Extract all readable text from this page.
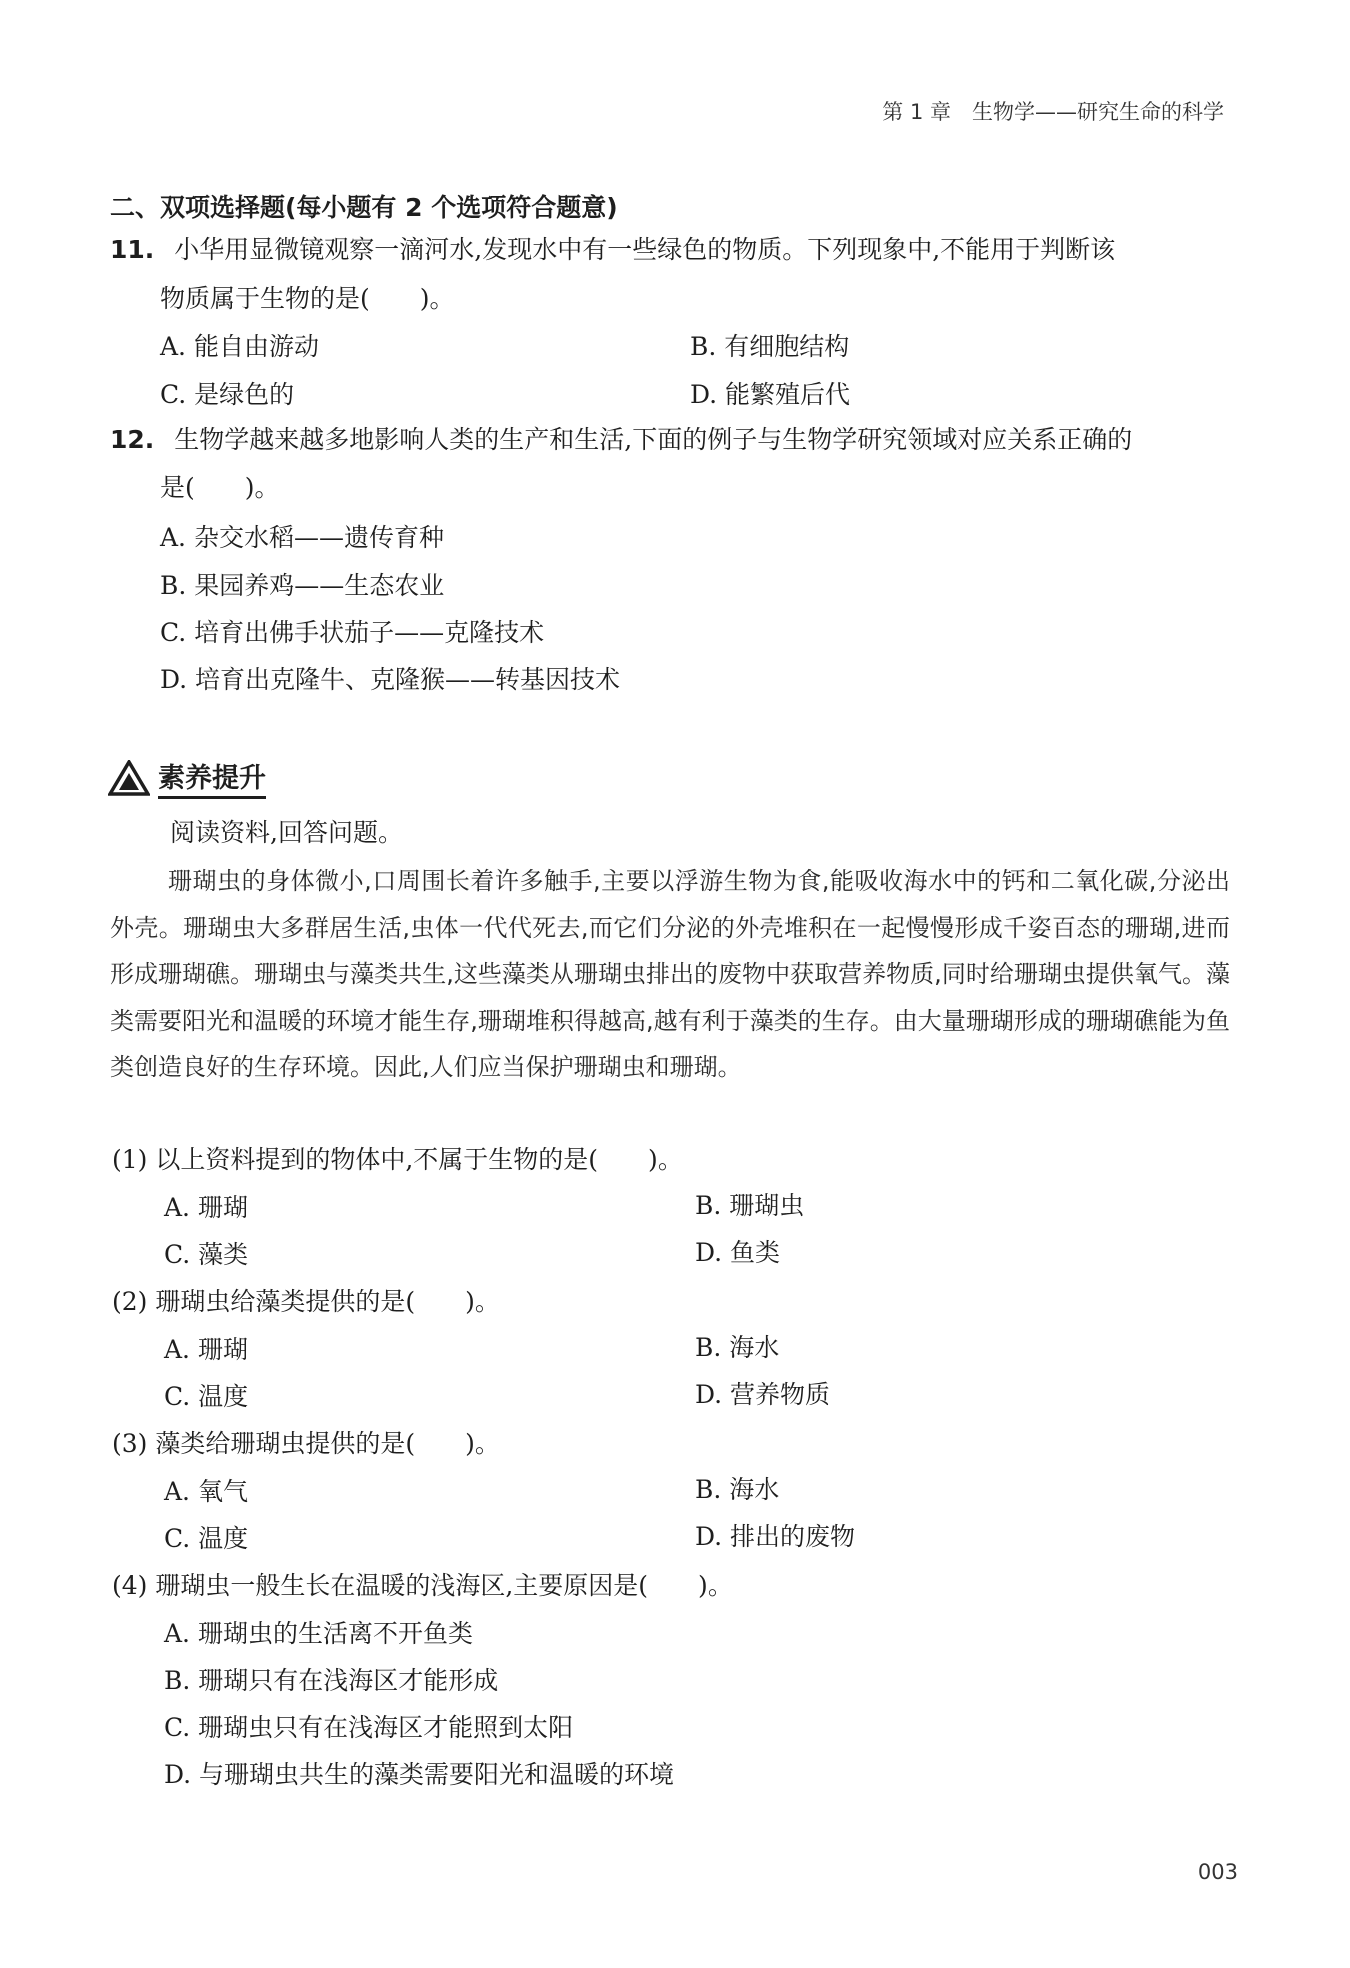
第 1 章　生物学——研究生命的科学
二、双项选择题(每小题有 2 个选项符合题意)
11. 小华用显微镜观察一滴河水,发现水中有一些绿色的物质。下列现象中,不能用于判断该
物质属于生物的是(　　)。
A. 能自由游动	B. 有细胞结构
C. 是绿色的	D. 能繁殖后代
12. 生物学越来越多地影响人类的生产和生活,下面的例子与生物学研究领域对应关系正确的
是(　　)。
A. 杂交水稻——遗传育种
B. 果园养鸡——生态农业
C. 培育出佛手状茄子——克隆技术
D. 培育出克隆牛、克隆猴——转基因技术
素养提升
阅读资料,回答问题。
珊瑚虫的身体微小,口周围长着许多触手,主要以浮游生物为食,能吸收海水中的钙和二氧化碳,分泌出外壳。珊瑚虫大多群居生活,虫体一代代死去,而它们分泌的外壳堆积在一起慢慢形成千姿百态的珊瑚,进而形成珊瑚礁。珊瑚虫与藻类共生,这些藻类从珊瑚虫排出的废物中获取营养物质,同时给珊瑚虫提供氧气。藻类需要阳光和温暖的环境才能生存,珊瑚堆积得越高,越有利于藻类的生存。由大量珊瑚形成的珊瑚礁能为鱼类创造良好的生存环境。因此,人们应当保护珊瑚虫和珊瑚。
(1) 以上资料提到的物体中,不属于生物的是(　　)。
A. 珊瑚	B. 珊瑚虫
C. 藻类	D. 鱼类
(2) 珊瑚虫给藻类提供的是(　　)。
A. 珊瑚	B. 海水
C. 温度	D. 营养物质
(3) 藻类给珊瑚虫提供的是(　　)。
A. 氧气	B. 海水
C. 温度	D. 排出的废物
(4) 珊瑚虫一般生长在温暖的浅海区,主要原因是(　　)。
A. 珊瑚虫的生活离不开鱼类
B. 珊瑚只有在浅海区才能形成
C. 珊瑚虫只有在浅海区才能照到太阳
D. 与珊瑚虫共生的藻类需要阳光和温暖的环境
003
